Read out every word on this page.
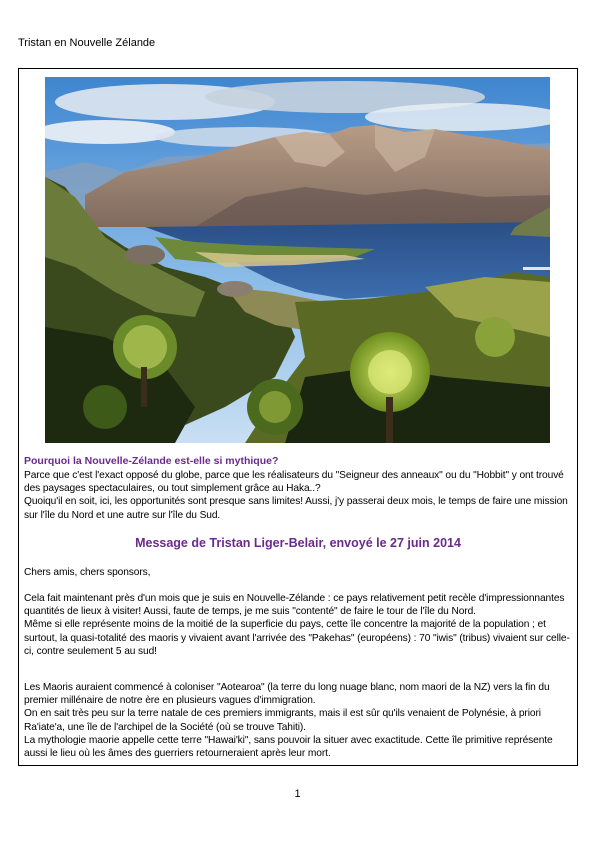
Tristan en Nouvelle Zélande
Pourquoi la Nouvelle-Zélande est-elle si mythique?
Parce que c'est l'exact opposé du globe, parce que les réalisateurs du "Seigneur des anneaux" ou du "Hobbit" y ont trouvé des paysages spectaculaires, ou tout simplement grâce au Haka..?
Quoiqu'il en soit, ici, les opportunités sont presque sans limites! Aussi, j'y passerai deux mois, le temps de faire une mission sur l'île du Nord et une autre sur l'île du Sud.
Message de Tristan Liger-Belair, envoyé le 27 juin 2014
Chers amis, chers sponsors,
Cela fait maintenant près d'un mois que je suis en Nouvelle-Zélande : ce pays relativement petit recèle d'impressionnantes quantités de lieux à visiter! Aussi, faute de temps, je me suis "contenté" de faire le tour de l'île du Nord.
Même si elle représente moins de la moitié de la superficie du pays, cette île concentre la majorité de la population ; et surtout, la quasi-totalité des maoris y vivaient avant l'arrivée des "Pakehas" (européens) : 70 "iwis" (tribus) vivaient sur celle-ci, contre seulement 5 au sud!
Les Maoris auraient commencé à coloniser "Aotearoa" (la terre du long nuage blanc, nom maori de la NZ) vers la fin du premier millénaire de notre ère en plusieurs vagues d'immigration.
On en sait très peu sur la terre natale de ces premiers immigrants, mais il est sûr qu'ils venaient de Polynésie, à priori Ra'iate'a, une île de l'archipel de la Société (où se trouve Tahiti).
La mythologie maorie appelle cette terre "Hawai'ki", sans pouvoir la situer avec exactitude. Cette île primitive représente aussi le lieu où les âmes des guerriers retourneraient après leur mort.
1
